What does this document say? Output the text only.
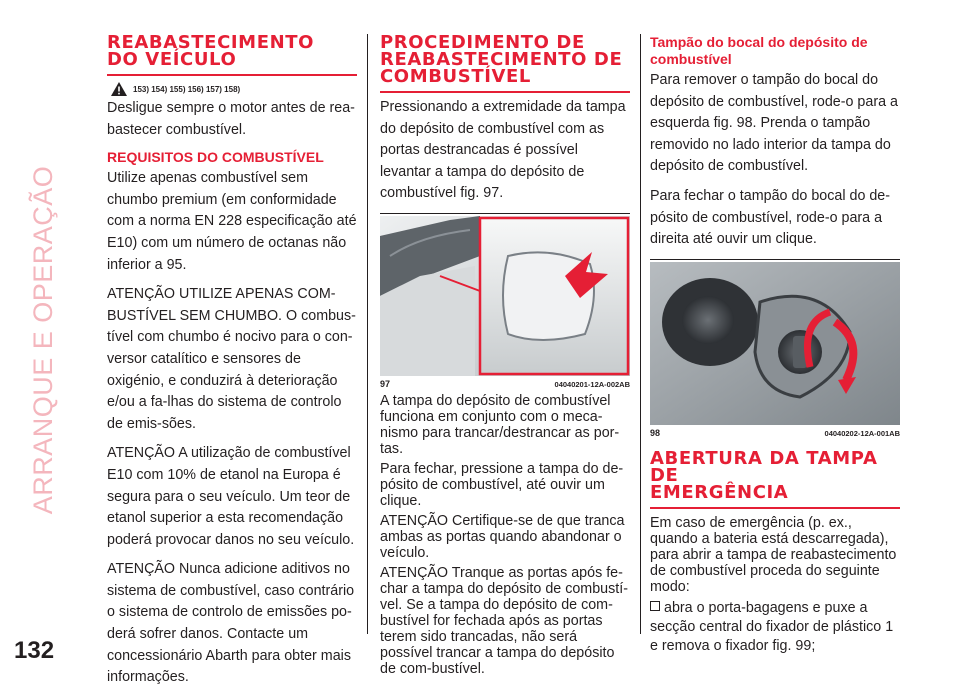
ARRANQUE E OPERAÇÃO
132
REABASTECIMENTO
DO VEÍCULO
153) 154) 155) 156) 157) 158)

Desligue sempre o motor antes de rea-bastecer combustível.

REQUISITOS DO COMBUSTÍVEL

Utilize apenas combustível sem chumbo premium (em conformidade com a norma EN 228 especificação até E10) com um número de octanas não inferior a 95.

ATENÇÃO UTILIZE APENAS COM-BUSTÍVEL SEM CHUMBO. O combus-tível com chumbo é nocivo para o con-versor catalítico e sensores de oxigénio, e conduzirá à deterioração e/ou a fa-lhas do sistema de controlo de emis-sões.

ATENÇÃO A utilização de combustível E10 com 10% de etanol na Europa é segura para o seu veículo. Um teor de etanol superior a esta recomendação poderá provocar danos no seu veículo.

ATENÇÃO Nunca adicione aditivos no sistema de combustível, caso contrário o sistema de controlo de emissões po-derá sofrer danos. Contacte um concessionário Abarth para obter mais informações.

PROCEDIMENTO DE
REABASTECIMENTO DE
COMBUSTÍVEL

Pressionando a extremidade da tampa do depósito de combustível com as portas destrancadas é possível levantar a tampa do depósito de combustível fig. 97.

97	04040201-12A-002AB

A tampa do depósito de combustível funciona em conjunto com o meca-nismo para trancar/destrancar as por-tas.

Para fechar, pressione a tampa do de-pósito de combustível, até ouvir um clique.

ATENÇÃO Certifique-se de que tranca ambas as portas quando abandonar o veículo.

ATENÇÃO Tranque as portas após fe-char a tampa do depósito de combustí-vel. Se a tampa do depósito de com-bustível for fechada após as portas terem sido trancadas, não será possível trancar a tampa do depósito de com-bustível.

Tampão do bocal do depósito de combustível

Para remover o tampão do bocal do depósito de combustível, rode-o para a esquerda fig. 98. Prenda o tampão removido no lado interior da tampa do depósito de combustível.

Para fechar o tampão do bocal do de-pósito de combustível, rode-o para a direita até ouvir um clique.

98	04040202-12A-001AB
ABERTURA DA TAMPA DE
EMERGÊNCIA

Em caso de emergência (p. ex., quando a bateria está descarregada), para abrir a tampa de reabastecimento de combustível proceda do seguinte modo:

abra o porta-bagagens e puxe a secção central do fixador de plástico 1 e remova o fixador fig. 99;
